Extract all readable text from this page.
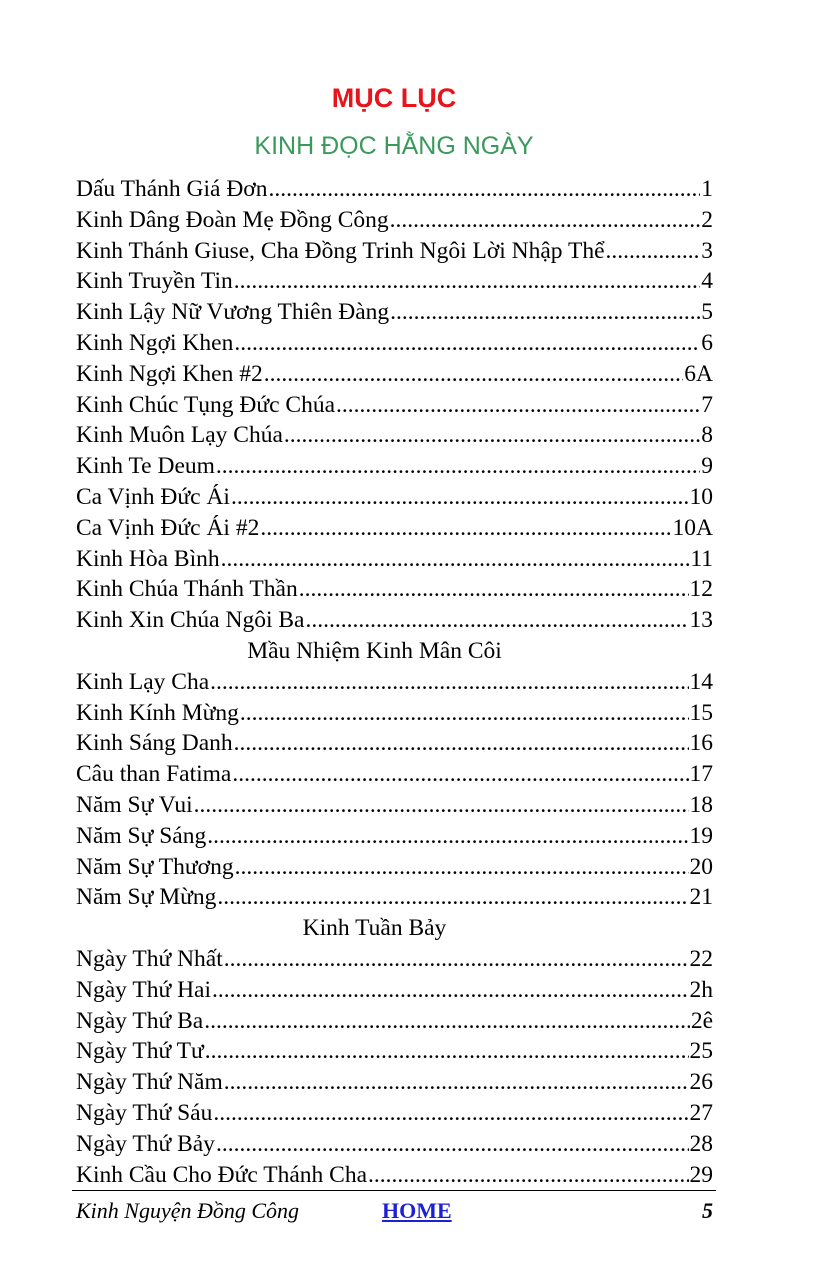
MỤC LỤC
KINH ĐỌC HẰNG NGÀY
Dấu Thánh Giá Đơn .....	1
Kinh Dâng Đoàn Mẹ Đồng Công .....	2
Kinh Thánh Giuse, Cha Đồng Trinh Ngôi Lời Nhập Thể .....	3
Kinh Truyền Tin .....	4
Kinh Lậy Nữ Vương Thiên Đàng .....	5
Kinh Ngợi Khen .....	6
Kinh Ngợi Khen #2 .....	6A
Kinh Chúc Tụng Đức Chúa .....	7
Kinh Muôn Lạy Chúa .....	8
Kinh Te Deum .....	9
Ca Vịnh Đức Ái .....	10
Ca Vịnh Đức Ái #2 .....	10A
Kinh Hòa Bình .....	11
Kinh Chúa Thánh Thần .....	12
Kinh Xin Chúa Ngôi Ba .....	13
Mầu Nhiệm Kinh Mân Côi
Kinh Lạy Cha .....	14
Kinh Kính Mừng .....	15
Kinh Sáng Danh .....	16
Câu than Fatima .....	17
Năm Sự Vui .....	18
Năm Sự Sáng .....	19
Năm Sự Thương .....	20
Năm Sự Mừng .....	21
Kinh Tuần Bảy
Ngày Thứ Nhất .....	22
Ngày Thứ Hai .....	2h
Ngày Thứ Ba .....	2ê
Ngày Thứ Tư .....	25
Ngày Thứ Năm .....	26
Ngày Thứ Sáu .....	27
Ngày Thứ Bảy .....	28
Kinh Cầu Cho Đức Thánh Cha .....	29
Kinh Nguyện Đồng Công	HOME	5
